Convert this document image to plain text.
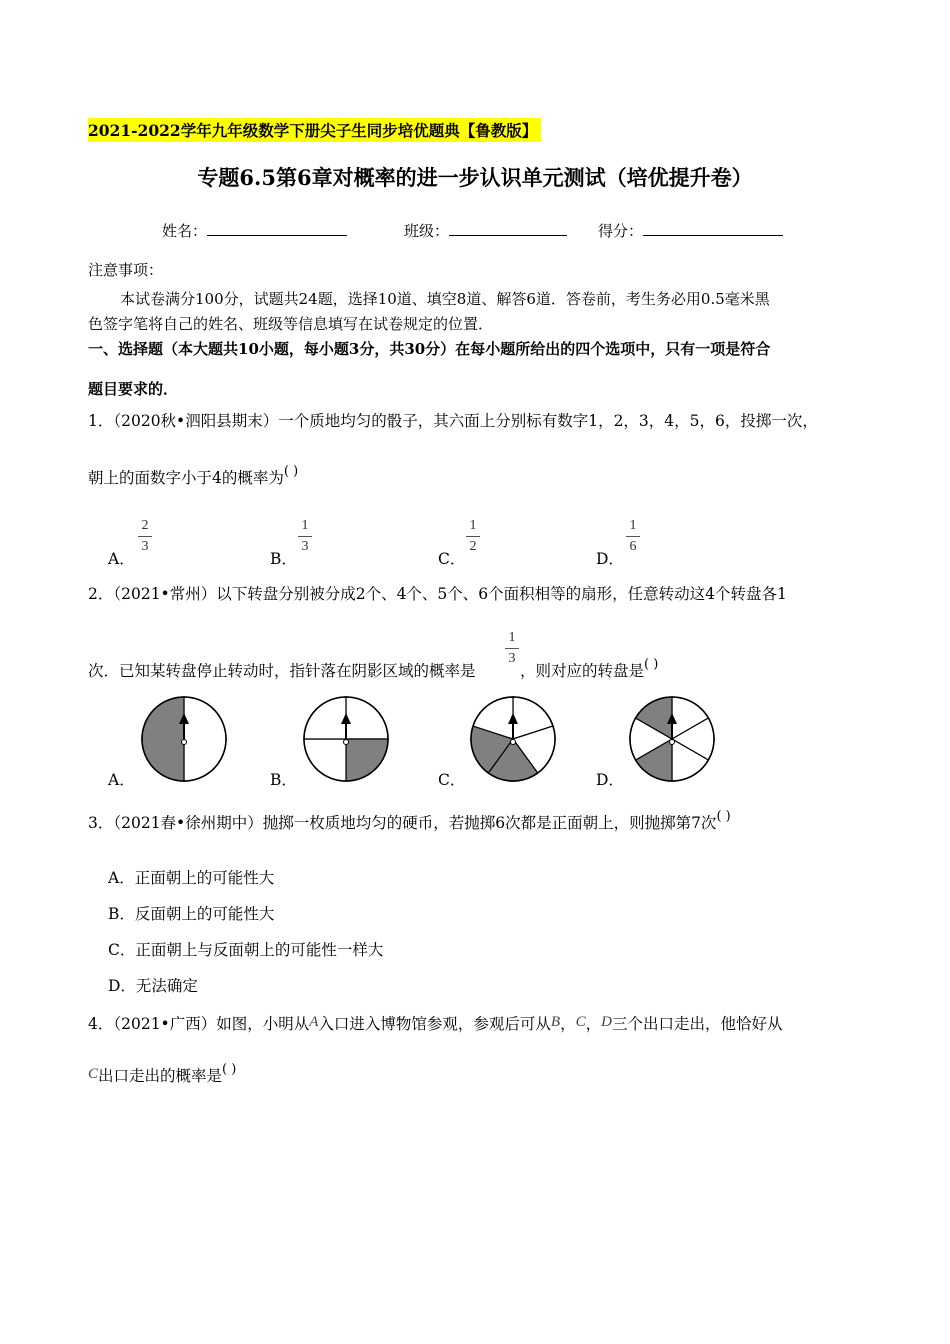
2021-2022学年九年级数学下册尖子生同步培优题典【鲁教版】
专题6.5第6章对概率的进一步认识单元测试（培优提升卷）
姓名：	班级：	得分：
注意事项：
本试卷满分100分，试题共24题，选择10道、填空8道、解答6道．答卷前，考生务必用0.5毫米黑
色签字笔将自己的姓名、班级等信息填写在试卷规定的位置．
一、选择题（本大题共10小题，每小题3分，共30分）在每小题所给出的四个选项中，只有一项是符合
题目要求的．
1．（2020秋•泗阳县期末）一个质地均匀的骰子，其六面上分别标有数字1，2，3，4，5，6，投掷一次，
朝上的面数字小于4的概率为( )
A．
2
3
B．
1
3
C．
1
2
D．
1
6
2．（2021•常州）以下转盘分别被分成2个、4个、5个、6个面积相等的扇形，任意转动这4个转盘各1
次．已知某转盘停止转动时，指针落在阴影区域的概率是
1
3
，则对应的转盘是( )
A．	B．	C．	D．
3．（2021春•徐州期中）抛掷一枚质地均匀的硬币，若抛掷6次都是正面朝上，则抛掷第7次( )
A．正面朝上的可能性大
B．反面朝上的可能性大
C．正面朝上与反面朝上的可能性一样大
D．无法确定
4．（2021•广西）如图，小明从A入口进入博物馆参观，参观后可从B，C，D三个出口走出，他恰好从
C出口走出的概率是( )
